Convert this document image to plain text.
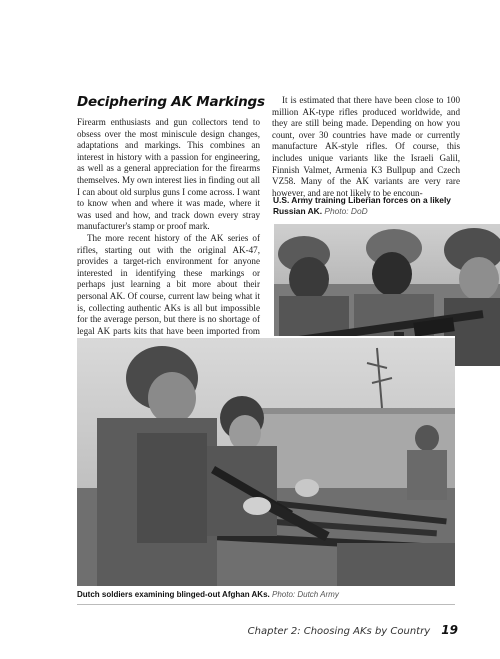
Deciphering AK Markings

Firearm enthusiasts and gun collectors tend to obsess over the most miniscule design changes, adaptations and markings. This combines an interest in history with a passion for engineering, as well as a general appreciation for the firearms themselves. My own interest lies in finding out all I can about old surplus guns I come across. I want to know when and where it was made, where it was used and how, and track down every stray manufacturer's stamp or proof mark.

The more recent history of the AK series of rifles, starting out with the original AK-47, provides a target-rich environment for anyone interested in identifying these markings or perhaps just learning a bit more about their personal AK. Of course, current law being what it is, collecting authentic AKs is all but impossible for the average person, but there is no shortage of legal AK parts kits that have been imported from

It is estimated that there have been close to 100 million AK-type rifles produced worldwide, and they are still being made. Depending on how you count, over 30 countries have made or currently manufacture AK-style rifles. Of course, this includes unique variants like the Israeli Galil, Finnish Valmet, Armenia K3 Bullpup and Czech VZ58. Many of the AK variants are very rare however, and are not likely to be encoun-

U.S. Army training Liberian forces on a likely Russian AK. Photo: DoD
Dutch soldiers examining blinged-out Afghan AKs. Photo: Dutch Army
Chapter 2: Choosing AKs by Country 19
